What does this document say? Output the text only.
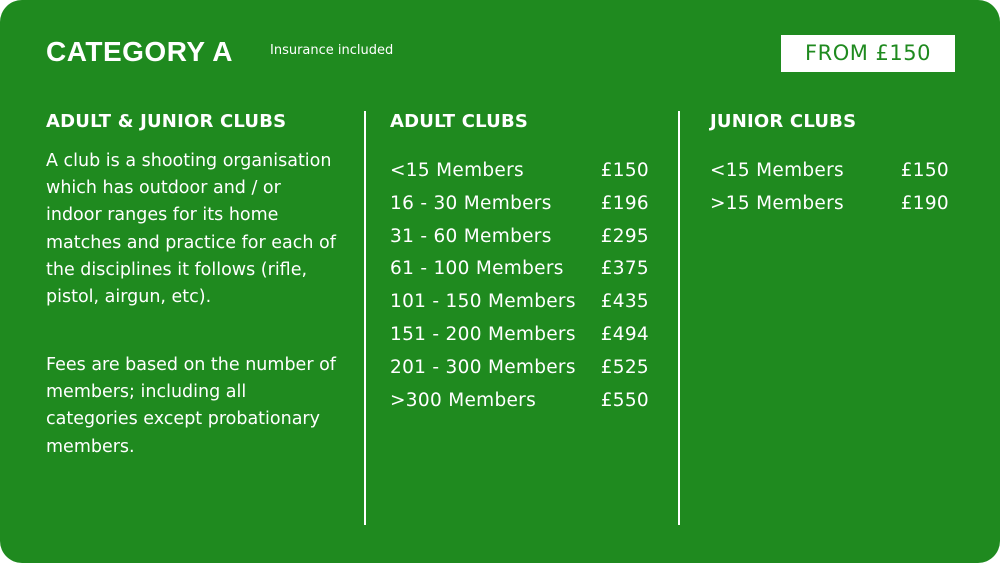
CATEGORY A	Insurance included	FROM £150
ADULT & JUNIOR CLUBS
A club is a shooting organisation which has outdoor and / or indoor ranges for its home matches and practice for each of the disciplines it follows (rifle, pistol, airgun, etc).
Fees are based on the number of members; including all categories except probationary members.
ADULT CLUBS
<15 Members	£150
16 - 30 Members	£196
31 - 60 Members	£295
61 - 100 Members £375
101 - 150 Members £435
151 - 200 Members £494
201 - 300 Members £525
>300 Members	£550
JUNIOR CLUBS
<15 Members	£150
>15 Members	£190
